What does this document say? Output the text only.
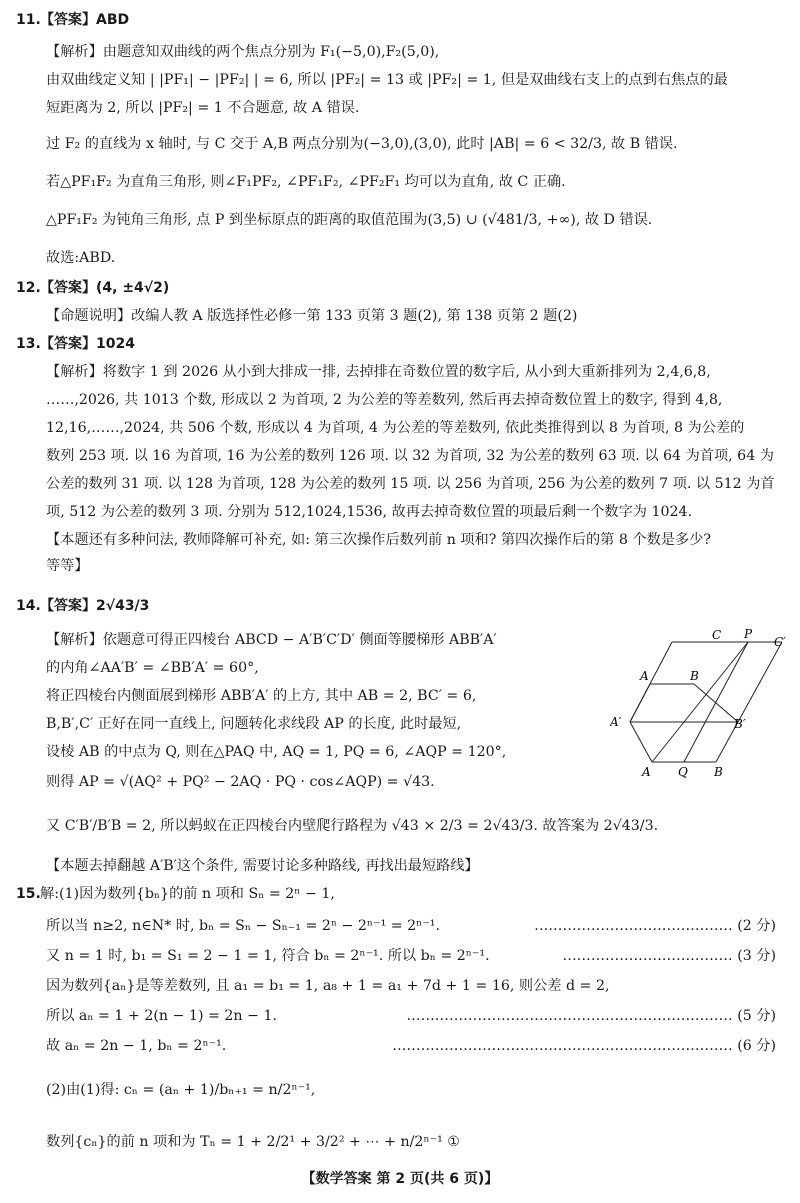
11. 【答案】ABD
【解析】由题意知双曲线的两个焦点分别为 F₁(−5,0),F₂(5,0),
由双曲线定义知 | |PF₁| − |PF₂| | = 6, 所以 |PF₂| = 13 或 |PF₂| = 1, 但是双曲线右支上的点到右焦点的最
短距离为 2, 所以 |PF₂| = 1 不合题意, 故 A 错误.
过 F₂ 的直线为 x 轴时, 与 C 交于 A,B 两点分别为(−3,0),(3,0), 此时 |AB| = 6 < 32/3, 故 B 错误.
若△PF₁F₂ 为直角三角形, 则∠F₁PF₂, ∠PF₁F₂, ∠PF₂F₁ 均可以为直角, 故 C 正确.
△PF₁F₂ 为钝角三角形, 点 P 到坐标原点的距离的取值范围为(3,5) ∪ (√481/3, +∞), 故 D 错误.
故选:ABD.
12. 【答案】(4, ±4√2)
【命题说明】改编人教 A 版选择性必修一第 133 页第 3 题(2), 第 138 页第 2 题(2)
13. 【答案】1024
【解析】将数字 1 到 2026 从小到大排成一排, 去掉排在奇数位置的数字后, 从小到大重新排列为 2,4,6,8,
……,2026, 共 1013 个数, 形成以 2 为首项, 2 为公差的等差数列, 然后再去掉奇数位置上的数字, 得到 4,8,
12,16,……,2024, 共 506 个数, 形成以 4 为首项, 4 为公差的等差数列, 依此类推得到以 8 为首项, 8 为公差的
数列 253 项. 以 16 为首项, 16 为公差的数列 126 项. 以 32 为首项, 32 为公差的数列 63 项. 以 64 为首项, 64 为
公差的数列 31 项. 以 128 为首项, 128 为公差的数列 15 项. 以 256 为首项, 256 为公差的数列 7 项. 以 512 为首
项, 512 为公差的数列 3 项. 分别为 512,1024,1536, 故再去掉奇数位置的项最后剩一个数字为 1024.
【本题还有多种问法, 教师降解可补充, 如: 第三次操作后数列前 n 项和? 第四次操作后的第 8 个数是多少?
等等】
14. 【答案】2√43/3
【解析】依题意可得正四棱台 ABCD − A′B′C′D′ 侧面等腰梯形 ABB′A′
的内角∠AA′B′ = ∠BB′A′ = 60°,
将正四棱台内侧面展到梯形 ABB′A′ 的上方, 其中 AB = 2, BC′ = 6,
B,B′,C′ 正好在同一直线上, 问题转化求线段 AP 的长度, 此时最短,
设棱 AB 的中点为 Q, 则在△PAQ 中, AQ = 1, PQ = 6, ∠AQP = 120°,
则得 AP = √(AQ² + PQ² − 2AQ · PQ · cos∠AQP) = √43.
又 C′B′/B′B = 2, 所以蚂蚁在正四棱台内壁爬行路程为 √43 × 2/3 = 2√43/3. 故答案为 2√43/3.
【本题去掉翻越 A′B′这个条件, 需要讨论多种路线, 再找出最短路线】
C P
C′
A	B
A′	B′
A Q B
15. 解:(1)因为数列{bₙ}的前 n 项和 Sₙ = 2ⁿ − 1,
所以当 n≥2, n∈N* 时, bₙ = Sₙ − Sₙ₋₁ = 2ⁿ − 2ⁿ⁻¹ = 2ⁿ⁻¹.	…………………………………… (2 分)
又 n = 1 时, b₁ = S₁ = 2 − 1 = 1, 符合 bₙ = 2ⁿ⁻¹. 所以 bₙ = 2ⁿ⁻¹.	……………………………… (3 分)
因为数列{aₙ}是等差数列, 且 a₁ = b₁ = 1, a₈ + 1 = a₁ + 7d + 1 = 16, 则公差 d = 2,
所以 aₙ = 1 + 2(n − 1) = 2n − 1.	…………………………………………………………… (5 分)
故 aₙ = 2n − 1, bₙ = 2ⁿ⁻¹.	……………………………………………………………… (6 分)
(2)由(1)得: cₙ = (aₙ + 1)/bₙ₊₁ = n/2ⁿ⁻¹,
数列{cₙ}的前 n 项和为 Tₙ = 1 + 2/2¹ + 3/2² + ⋯ + n/2ⁿ⁻¹ ①
【数学答案 第 2 页(共 6 页)】
